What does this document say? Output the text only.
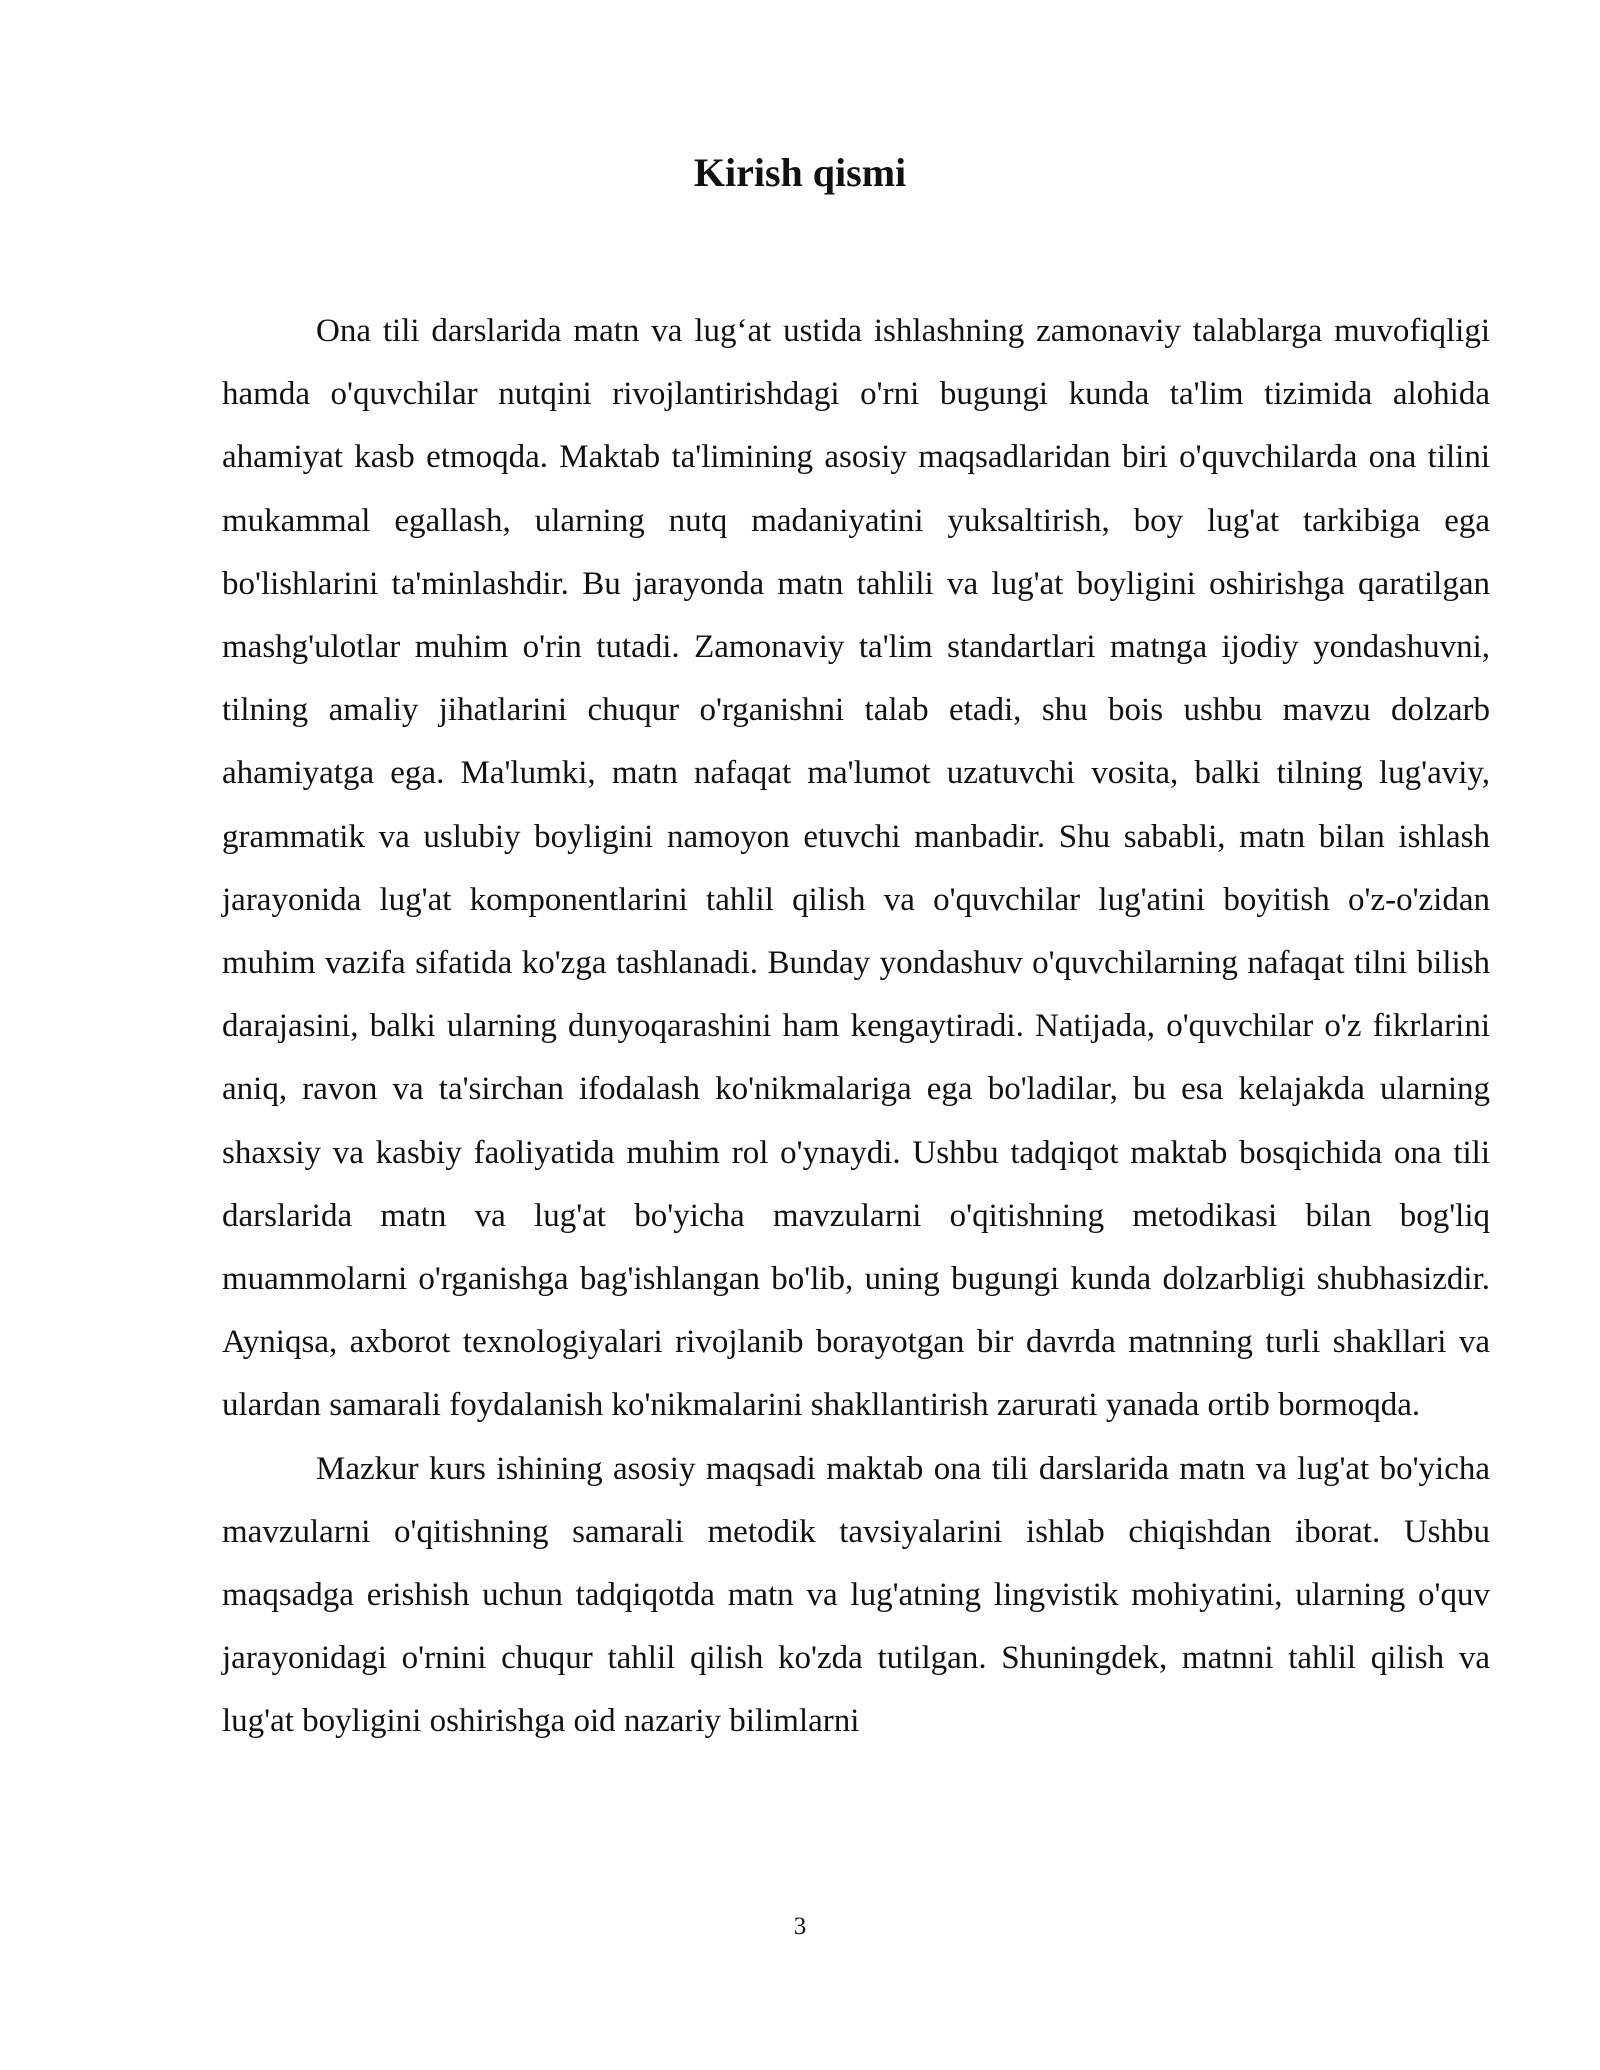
Kirish qismi

Ona tili darslarida matn va lug‘at ustida ishlashning zamonaviy talablarga muvofiqligi hamda o'quvchilar nutqini rivojlantirishdagi o'rni bugungi kunda ta'lim tizimida alohida ahamiyat kasb etmoqda. Maktab ta'limining asosiy maqsadlaridan biri o'quvchilarda ona tilini mukammal egallash, ularning nutq madaniyatini yuksaltirish, boy lug'at tarkibiga ega bo'lishlarini ta'minlashdir. Bu jarayonda matn tahlili va lug'at boyligini oshirishga qaratilgan mashg'ulotlar muhim o'rin tutadi. Zamonaviy ta'lim standartlari matnga ijodiy yondashuvni, tilning amaliy jihatlarini chuqur o'rganishni talab etadi, shu bois ushbu mavzu dolzarb ahamiyatga ega. Ma'lumki, matn nafaqat ma'lumot uzatuvchi vosita, balki tilning lug'aviy, grammatik va uslubiy boyligini namoyon etuvchi manbadir. Shu sababli, matn bilan ishlash jarayonida lug'at komponentlarini tahlil qilish va o'quvchilar lug'atini boyitish o'z-o'zidan muhim vazifa sifatida ko'zga tashlanadi. Bunday yondashuv o'quvchilarning nafaqat tilni bilish darajasini, balki ularning dunyoqarashini ham kengaytiradi. Natijada, o'quvchilar o'z fikrlarini aniq, ravon va ta'sirchan ifodalash ko'nikmalariga ega bo'ladilar, bu esa kelajakda ularning shaxsiy va kasbiy faoliyatida muhim rol o'ynaydi. Ushbu tadqiqot maktab bosqichida ona tili darslarida matn va lug'at bo'yicha mavzularni o'qitishning metodikasi bilan bog'liq muammolarni o'rganishga bag'ishlangan bo'lib, uning bugungi kunda dolzarbligi shubhasizdir. Ayniqsa, axborot texnologiyalari rivojlanib borayotgan bir davrda matnning turli shakllari va ulardan samarali foydalanish ko'nikmalarini shakllantirish zarurati yanada ortib bormoqda.

Mazkur kurs ishining asosiy maqsadi maktab ona tili darslarida matn va lug'at bo'yicha mavzularni o'qitishning samarali metodik tavsiyalarini ishlab chiqishdan iborat. Ushbu maqsadga erishish uchun tadqiqotda matn va lug'atning lingvistik mohiyatini, ularning o'quv jarayonidagi o'rnini chuqur tahlil qilish ko'zda tutilgan. Shuningdek, matnni tahlil qilish va lug'at boyligini oshirishga oid nazariy bilimlarni

3
